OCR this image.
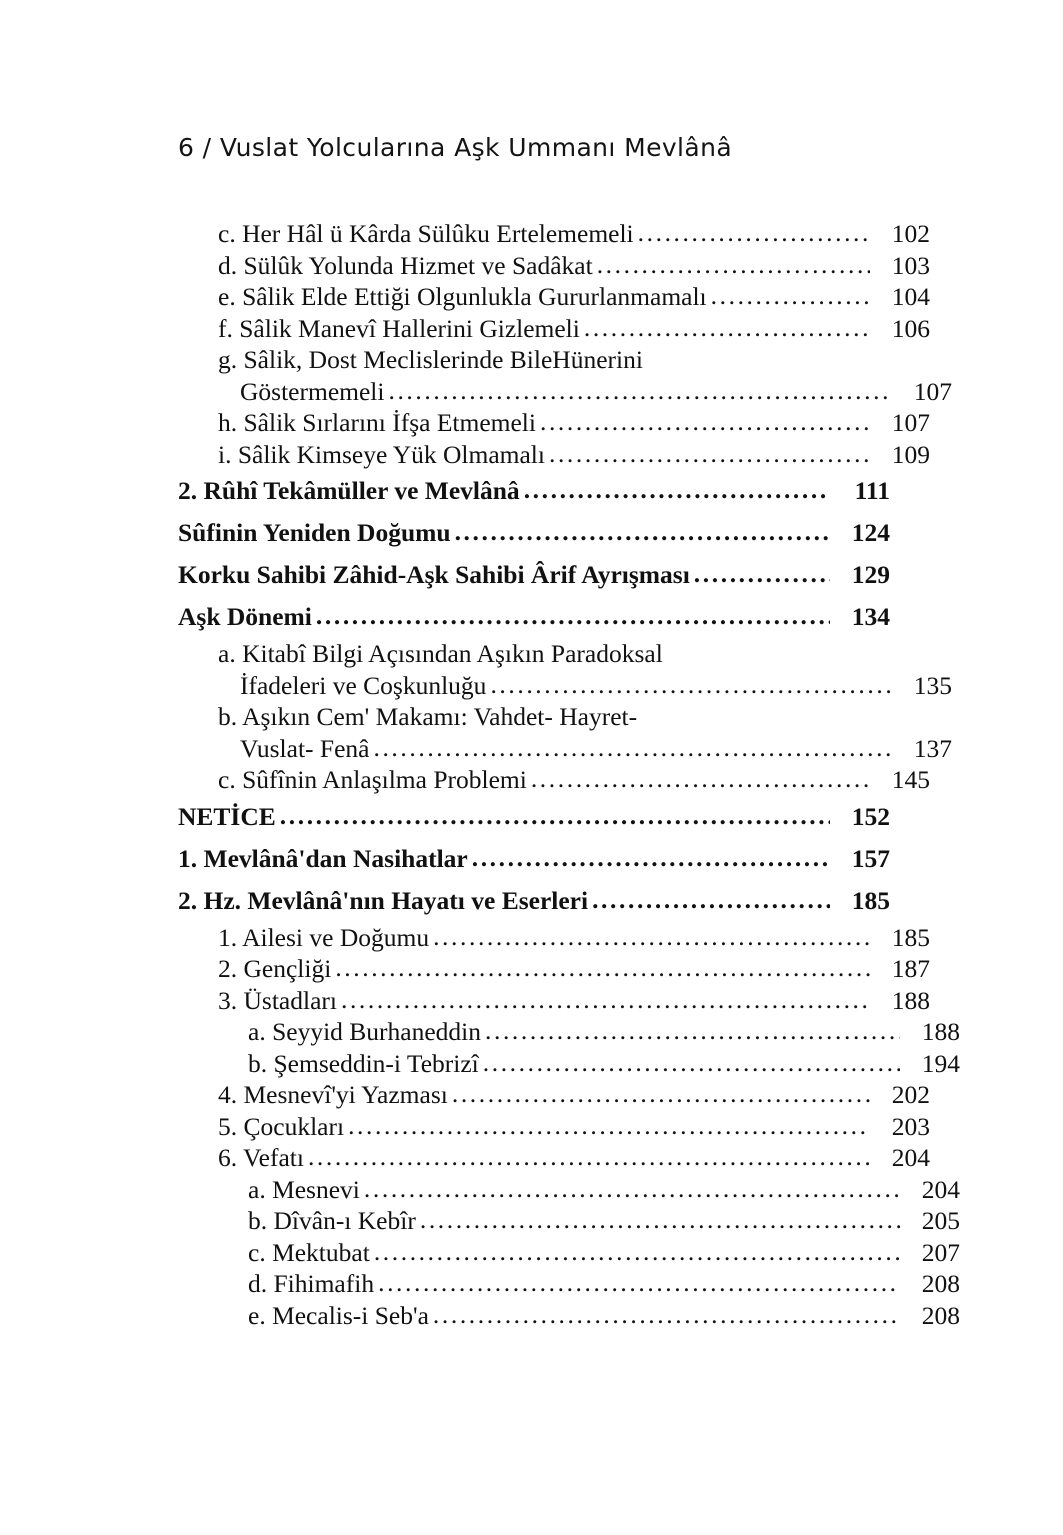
6 / Vuslat Yolcularına Aşk Ummanı Mevlânâ
c. Her Hâl ü Kârda Sülûku Ertelememeli .....	102
d. Sülûk Yolunda Hizmet ve Sadâkat .....	103
e. Sâlik Elde Ettiği Olgunlukla Gururlanmamalı .....	104
f. Sâlik Manevî Hallerini Gizlemeli .....	106
g. Sâlik, Dost Meclislerinde BileHünerini
Göstermemeli .....	107
h. Sâlik Sırlarını İfşa Etmemeli .....	107
i. Sâlik Kimseye Yük Olmamalı .....	109
2. Rûhî Tekâmüller ve Mevlânâ .....	111
Sûfinin Yeniden Doğumu .....	124
Korku Sahibi Zâhid-Aşk Sahibi Ârif Ayrışması .....	129
Aşk Dönemi .....	134
a. Kitabî Bilgi Açısından Aşıkın Paradoksal
İfadeleri ve Coşkunluğu .....	135
b. Aşıkın Cem' Makamı: Vahdet- Hayret-
Vuslat- Fenâ .....	137
c. Sûfînin Anlaşılma Problemi .....	145
NETİCE .....	152
1. Mevlânâ'dan Nasihatlar .....	157
2. Hz. Mevlânâ'nın Hayatı ve Eserleri .....	185
1. Ailesi ve Doğumu .....	185
2. Gençliği .....	187
3. Üstadları .....	188
a. Seyyid Burhaneddin .....	188
b. Şemseddin-i Tebrizî .....	194
4. Mesnevî'yi Yazması .....	202
5. Çocukları .....	203
6. Vefatı .....	204
a. Mesnevi .....	204
b. Dîvân-ı Kebîr .....	205
c. Mektubat .....	207
d. Fihimafih .....	208
e. Mecalis-i Seb'a .....	208
